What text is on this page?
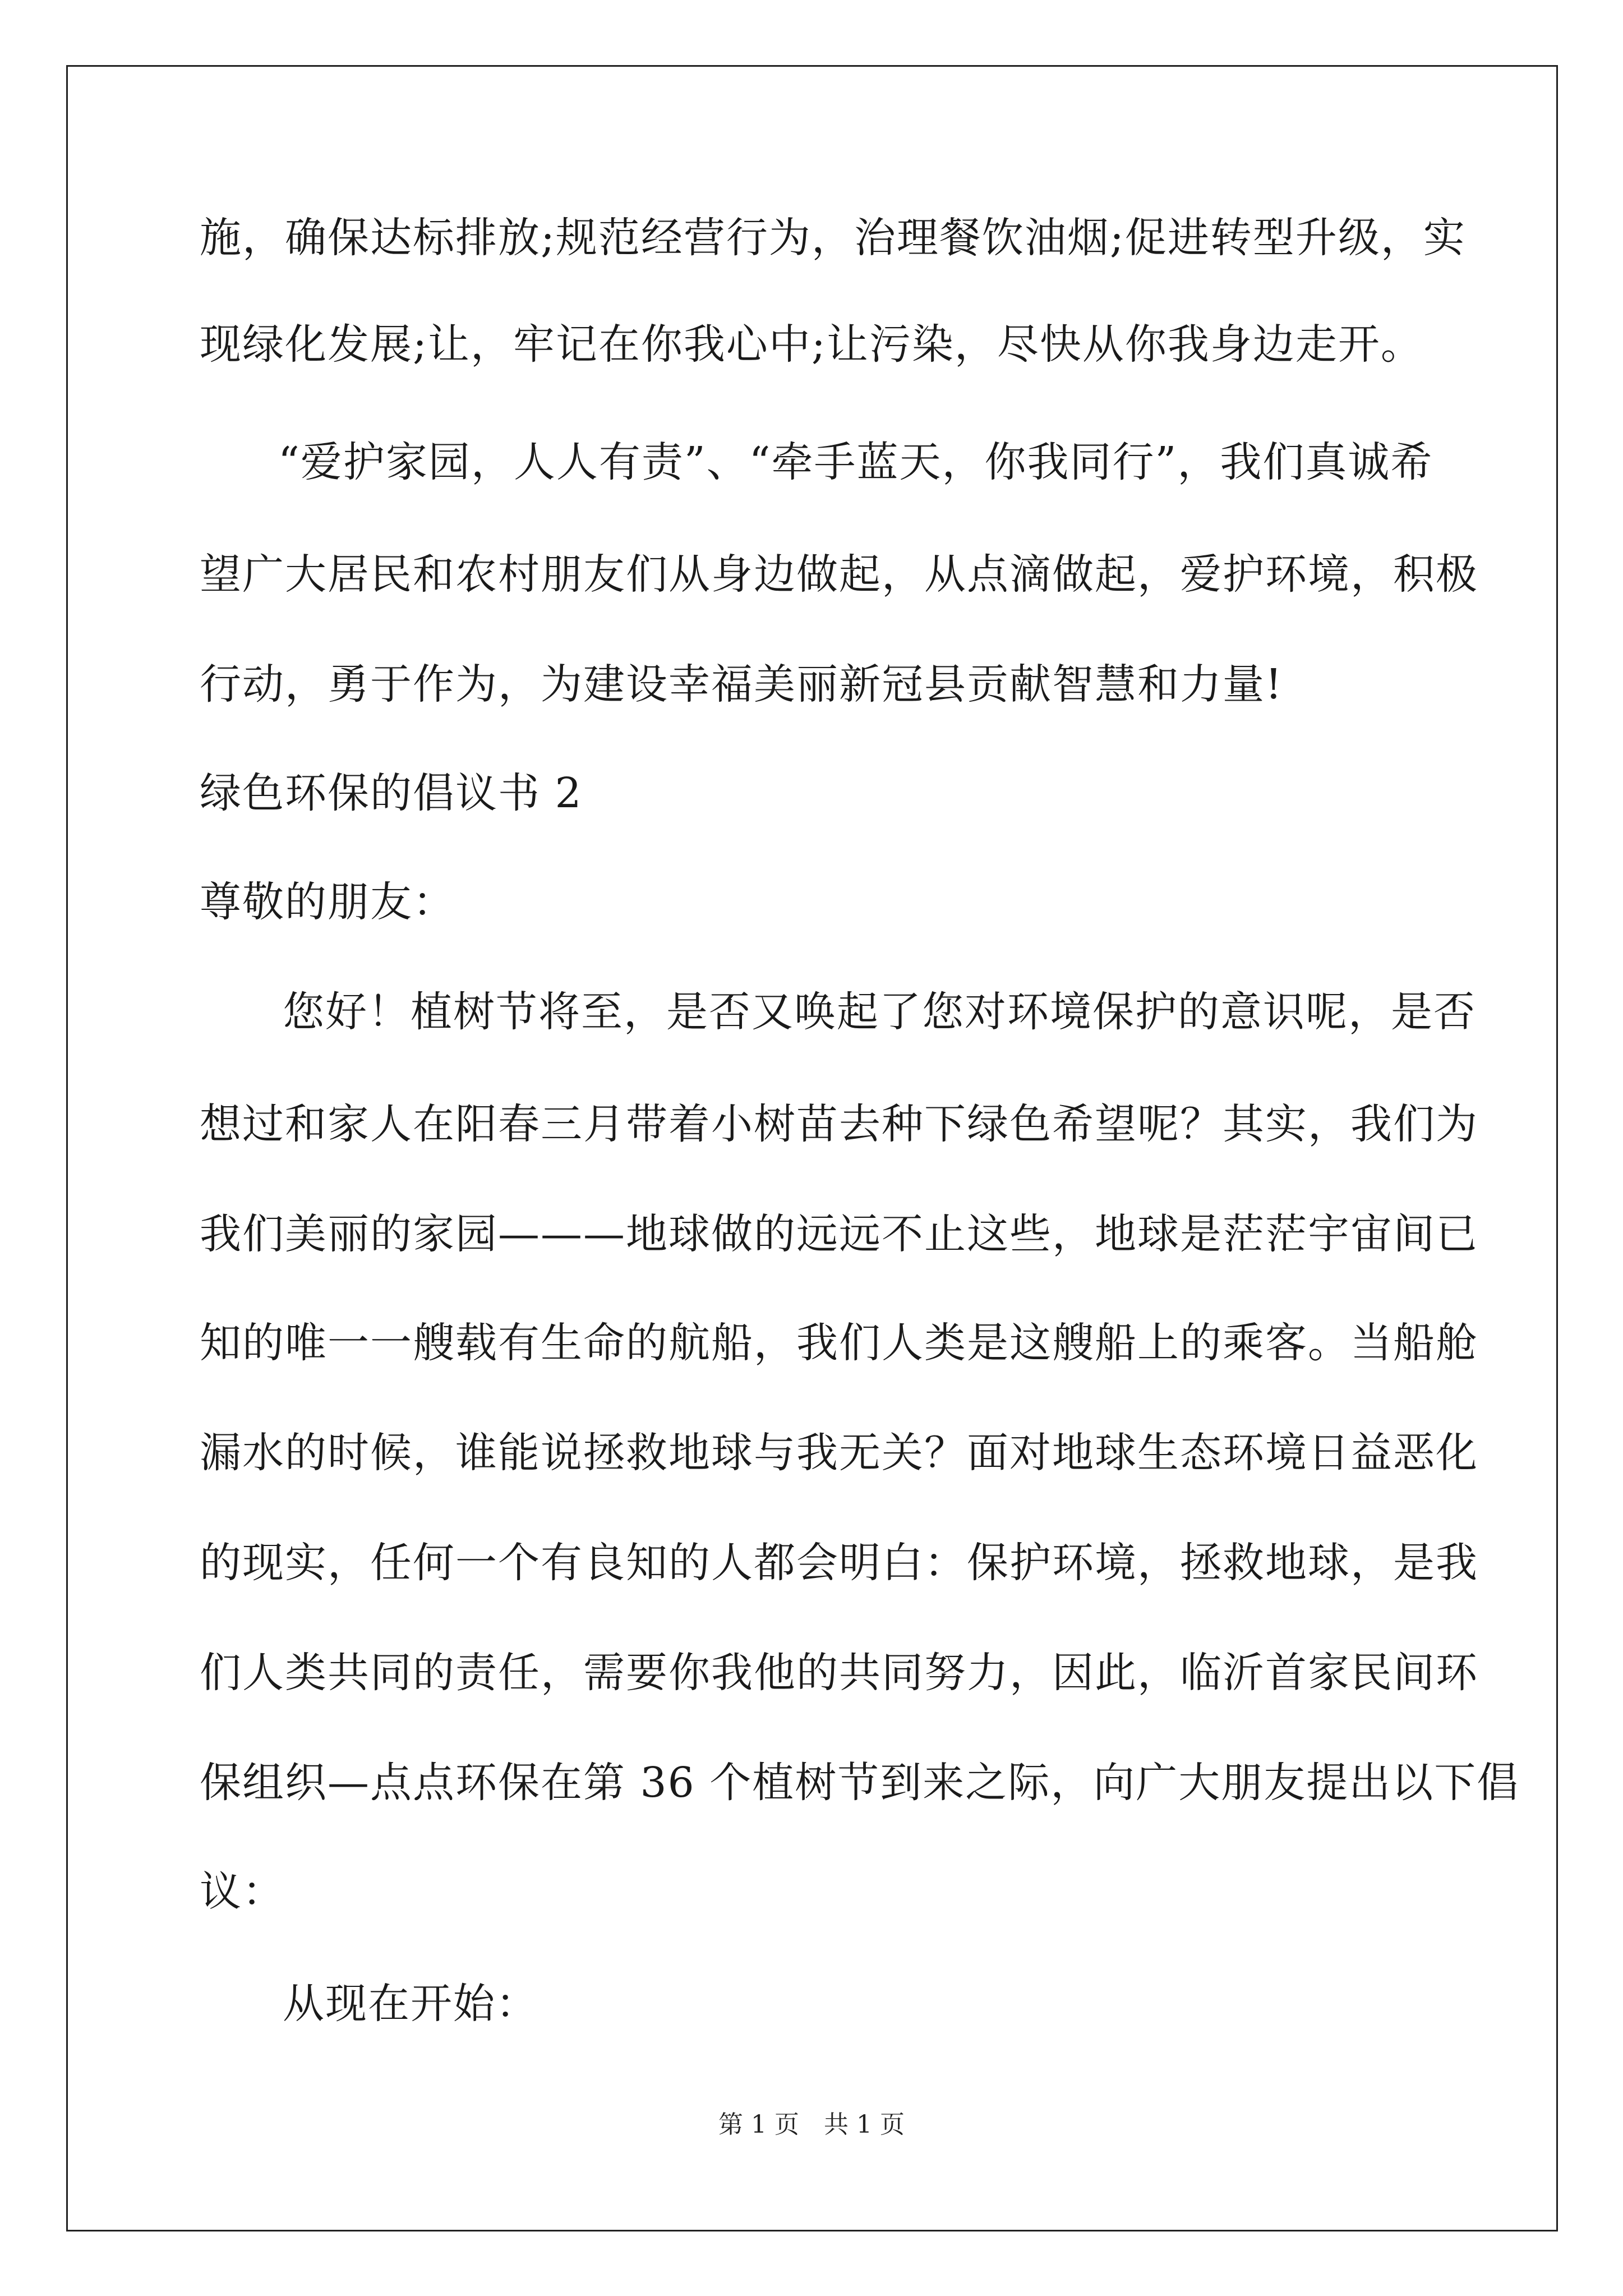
施，确保达标排放;规范经营行为，治理餐饮油烟;促进转型升级，实
现绿化发展;让，牢记在你我心中;让污染，尽快从你我身边走开。
“爱护家园，人人有责”、“牵手蓝天，你我同行”，我们真诚希
望广大居民和农村朋友们从身边做起，从点滴做起，爱护环境，积极
行动，勇于作为，为建设幸福美丽新冠县贡献智慧和力量!
绿色环保的倡议书 2
尊敬的朋友：
您好！植树节将至，是否又唤起了您对环境保护的意识呢，是否
想过和家人在阳春三月带着小树苗去种下绿色希望呢？其实，我们为
我们美丽的家园———地球做的远远不止这些，地球是茫茫宇宙间已
知的唯一一艘载有生命的航船，我们人类是这艘船上的乘客。当船舱
漏水的时候，谁能说拯救地球与我无关？面对地球生态环境日益恶化
的现实，任何一个有良知的人都会明白：保护环境，拯救地球，是我
们人类共同的责任，需要你我他的共同努力，因此，临沂首家民间环
保组织—点点环保在第 36 个植树节到来之际，向广大朋友提出以下倡
议：
从现在开始：
第 1 页　共 1 页
